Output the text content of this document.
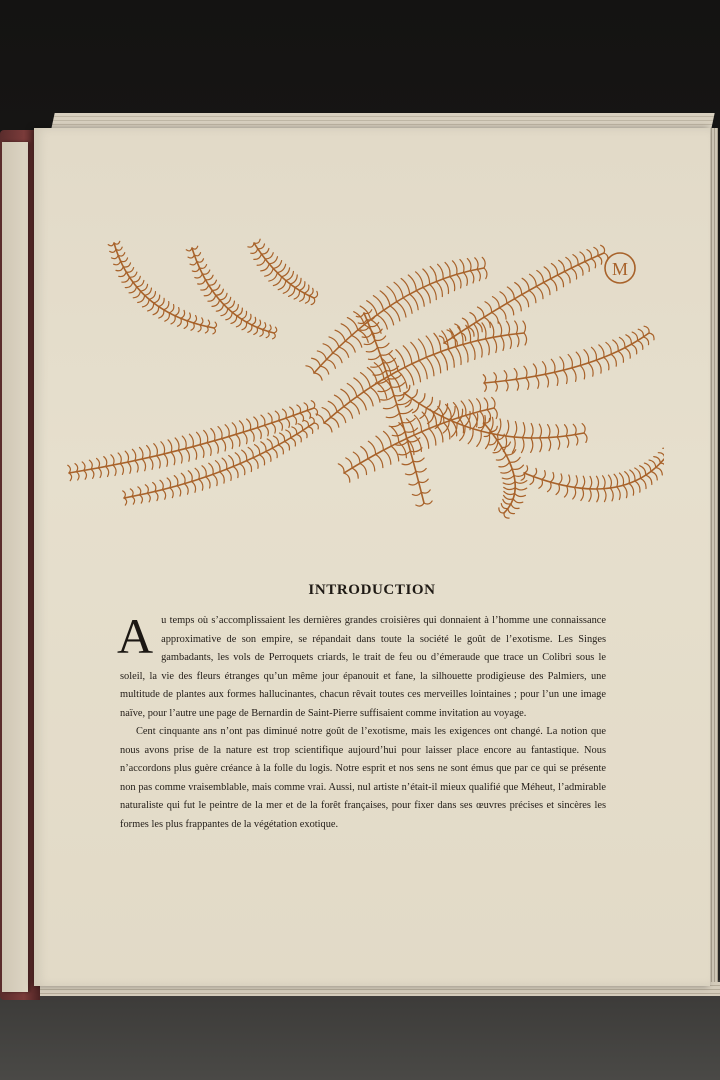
M
INTRODUCTION

Au temps où s’accomplissaient les dernières grandes croisières qui donnaient à l’homme une connaissance approximative de son empire, se répandait dans toute la société le goût de l’exotisme. Les Singes gambadants, les vols de Perroquets criards, le trait de feu ou d’émeraude que trace un Colibri sous le soleil, la vie des fleurs étranges qu’un même jour épanouit et fane, la silhouette prodigieuse des Palmiers, une multitude de plantes aux formes hallucinantes, chacun rêvait toutes ces merveilles lointaines ; pour l’un une image naïve, pour l’autre une page de Bernardin de Saint-Pierre suffisaient comme invitation au voyage.

Cent cinquante ans n’ont pas diminué notre goût de l’exotisme, mais les exigences ont changé. La notion que nous avons prise de la nature est trop scientifique aujourd’hui pour laisser place encore au fantastique. Nous n’accordons plus guère créance à la folle du logis. Notre esprit et nos sens ne sont émus que par ce qui se présente non pas comme vraisemblable, mais comme vrai. Aussi, nul artiste n’était-il mieux qualifié que Méheut, l’admirable naturaliste qui fut le peintre de la mer et de la forêt françaises, pour fixer dans ses œuvres précises et sincères les formes les plus frappantes de la végétation exotique.
